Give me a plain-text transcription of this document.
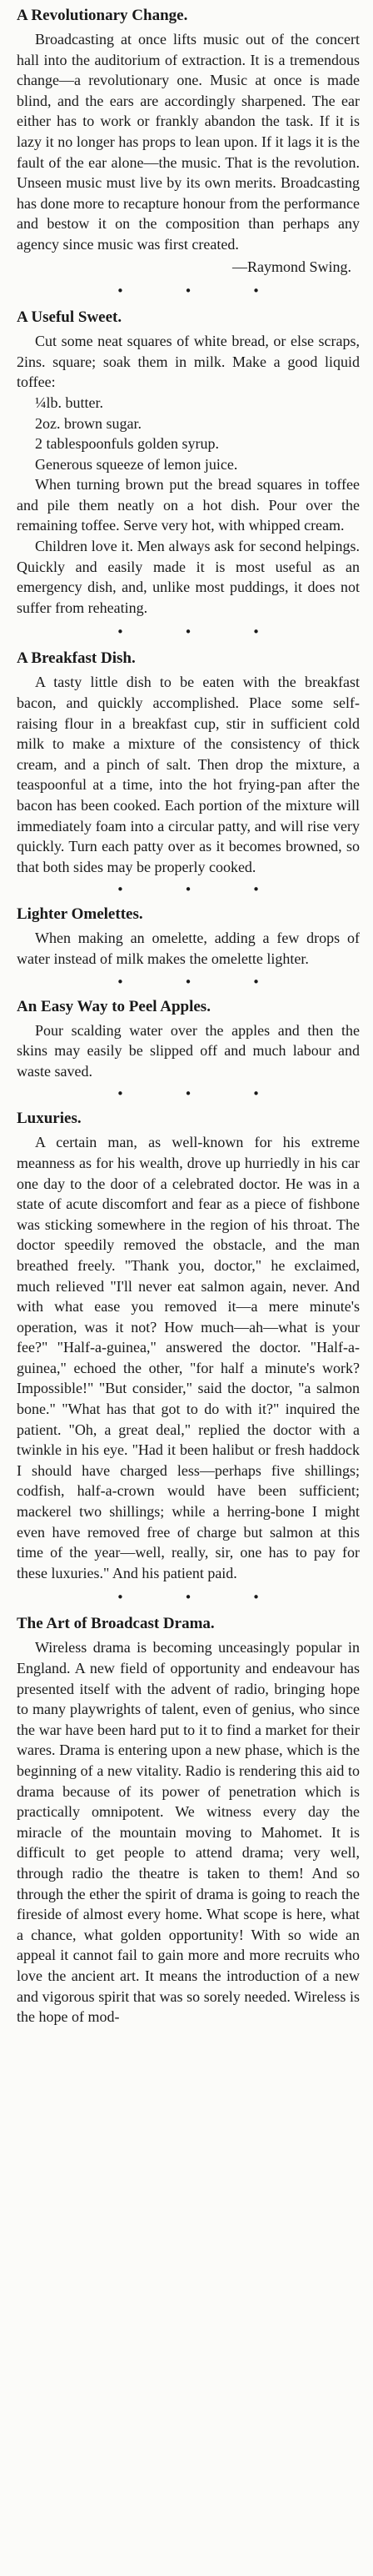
A Revolutionary Change.

Broadcasting at once lifts music out of the concert hall into the auditorium of extraction. It is a tremendous change—a revolutionary one. Music at once is made blind, and the ears are accordingly sharpened. The ear either has to work or frankly abandon the task. If it is lazy it no longer has props to lean upon. If it lags it is the fault of the ear alone—the music. That is the revolution. Unseen music must live by its own merits. Broadcasting has done more to recapture honour from the performance and bestow it on the composition than perhaps any agency since music was first created.

—Raymond Swing.

• • •
A Useful Sweet.

Cut some neat squares of white bread, or else scraps, 2ins. square; soak them in milk. Make a good liquid toffee:

¼lb. butter.

2oz. brown sugar.

2 tablespoonfuls golden syrup.

Generous squeeze of lemon juice.

When turning brown put the bread squares in toffee and pile them neatly on a hot dish. Pour over the remaining toffee. Serve very hot, with whipped cream.

Children love it. Men always ask for second helpings. Quickly and easily made it is most useful as an emergency dish, and, unlike most puddings, it does not suffer from reheating.

• • •
A Breakfast Dish.

A tasty little dish to be eaten with the breakfast bacon, and quickly accomplished. Place some self-raising flour in a breakfast cup, stir in sufficient cold milk to make a mixture of the consistency of thick cream, and a pinch of salt. Then drop the mixture, a teaspoonful at a time, into the hot frying-pan after the bacon has been cooked. Each portion of the mixture will immediately foam into a circular patty, and will rise very quickly. Turn each patty over as it becomes browned, so that both sides may be properly cooked.

• • •
Lighter Omelettes.

When making an omelette, adding a few drops of water instead of milk makes the omelette lighter.

• • •
An Easy Way to Peel Apples.

Pour scalding water over the apples and then the skins may easily be slipped off and much labour and waste saved.

• • •
Luxuries.

A certain man, as well-known for his extreme meanness as for his wealth, drove up hurriedly in his car one day to the door of a celebrated doctor. He was in a state of acute discomfort and fear as a piece of fishbone was sticking somewhere in the region of his throat. The doctor speedily removed the obstacle, and the man breathed freely. "Thank you, doctor," he exclaimed, much relieved "I'll never eat salmon again, never. And with what ease you removed it—a mere minute's operation, was it not? How much—ah—what is your fee?" "Half-a-guinea," answered the doctor. "Half-a-guinea," echoed the other, "for half a minute's work? Impossible!" "But consider," said the doctor, "a salmon bone." "What has that got to do with it?" inquired the patient. "Oh, a great deal," replied the doctor with a twinkle in his eye. "Had it been halibut or fresh haddock I should have charged less—perhaps five shillings; codfish, half-a-crown would have been sufficient; mackerel two shillings; while a herring-bone I might even have removed free of charge but salmon at this time of the year—well, really, sir, one has to pay for these luxuries." And his patient paid.

• • •
The Art of Broadcast Drama.

Wireless drama is becoming unceasingly popular in England. A new field of opportunity and endeavour has presented itself with the advent of radio, bringing hope to many playwrights of talent, even of genius, who since the war have been hard put to it to find a market for their wares. Drama is entering upon a new phase, which is the beginning of a new vitality. Radio is rendering this aid to drama because of its power of penetration which is practically omnipotent. We witness every day the miracle of the mountain moving to Mahomet. It is difficult to get people to attend drama; very well, through radio the theatre is taken to them! And so through the ether the spirit of drama is going to reach the fireside of almost every home. What scope is here, what a chance, what golden opportunity! With so wide an appeal it cannot fail to gain more and more recruits who love the ancient art. It means the introduction of a new and vigorous spirit that was so sorely needed. Wireless is the hope of mod-
